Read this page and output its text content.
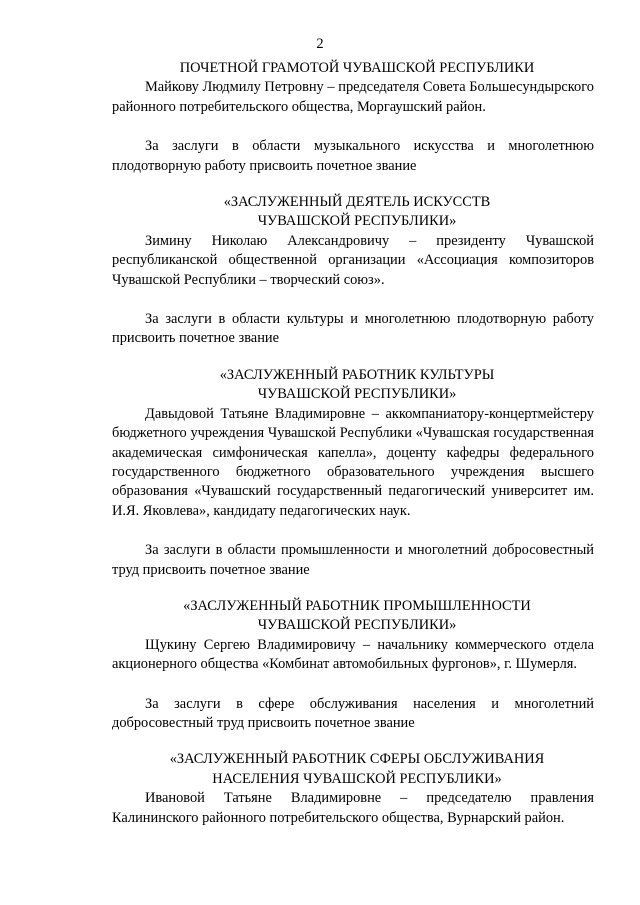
2

ПОЧЕТНОЙ ГРАМОТОЙ ЧУВАШСКОЙ РЕСПУБЛИКИ

Майкову Людмилу Петровну – председателя Совета Большесундырского районного потребительского общества, Моргаушский район.

За заслуги в области музыкального искусства и многолетнюю плодотворную работу присвоить почетное звание

«ЗАСЛУЖЕННЫЙ ДЕЯТЕЛЬ ИСКУССТВ

ЧУВАШСКОЙ РЕСПУБЛИКИ»

Зимину Николаю Александровичу – президенту Чувашской республиканской общественной организации «Ассоциация композиторов Чувашской Республики – творческий союз».

За заслуги в области культуры и многолетнюю плодотворную работу присвоить почетное звание

«ЗАСЛУЖЕННЫЙ РАБОТНИК КУЛЬТУРЫ

ЧУВАШСКОЙ РЕСПУБЛИКИ»

Давыдовой Татьяне Владимировне – аккомпаниатору-концертмейстеру бюджетного учреждения Чувашской Республики «Чувашская государственная академическая симфоническая капелла», доценту кафедры федерального государственного бюджетного образовательного учреждения высшего образования «Чувашский государственный педагогический университет им. И.Я. Яковлева», кандидату педагогических наук.

За заслуги в области промышленности и многолетний добросовестный труд присвоить почетное звание

«ЗАСЛУЖЕННЫЙ РАБОТНИК ПРОМЫШЛЕННОСТИ

ЧУВАШСКОЙ РЕСПУБЛИКИ»

Щукину Сергею Владимировичу – начальнику коммерческого отдела акционерного общества «Комбинат автомобильных фургонов», г. Шумерля.

За заслуги в сфере обслуживания населения и многолетний добросовестный труд присвоить почетное звание

«ЗАСЛУЖЕННЫЙ РАБОТНИК СФЕРЫ ОБСЛУЖИВАНИЯ

НАСЕЛЕНИЯ ЧУВАШСКОЙ РЕСПУБЛИКИ»

Ивановой Татьяне Владимировне – председателю правления Калининского районного потребительского общества, Вурнарский район.
